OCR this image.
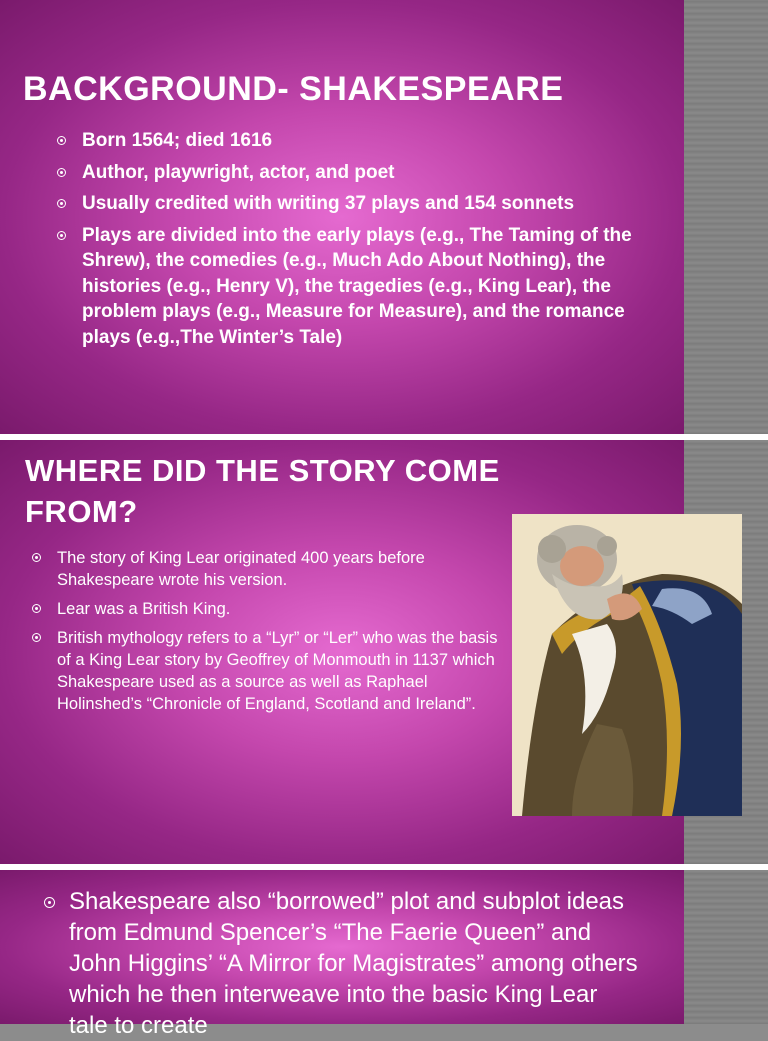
BACKGROUND- SHAKESPEARE
Born 1564; died 1616
Author, playwright, actor, and poet
Usually credited with writing 37 plays and 154 sonnets
Plays are divided into the early plays (e.g., The Taming of the Shrew), the comedies (e.g., Much Ado About Nothing), the histories (e.g., Henry V), the tragedies (e.g., King Lear), the problem plays (e.g., Measure for Measure), and the romance plays (e.g.,The Winter’s Tale)
WHERE DID THE STORY COME FROM?
The story of King Lear originated 400 years before Shakespeare wrote his version.
Lear was a British King.
British mythology refers to a “Lyr” or “Ler” who was the basis of a King Lear story by Geoffrey of Monmouth in 1137 which Shakespeare used as a source as well as Raphael Holinshed’s “Chronicle of England, Scotland and Ireland”.
Shakespeare also “borrowed” plot and subplot ideas from Edmund Spencer’s “The Faerie Queen” and John Higgins’ “A Mirror for Magistrates” among others which he then interweave into the basic King Lear tale to create
